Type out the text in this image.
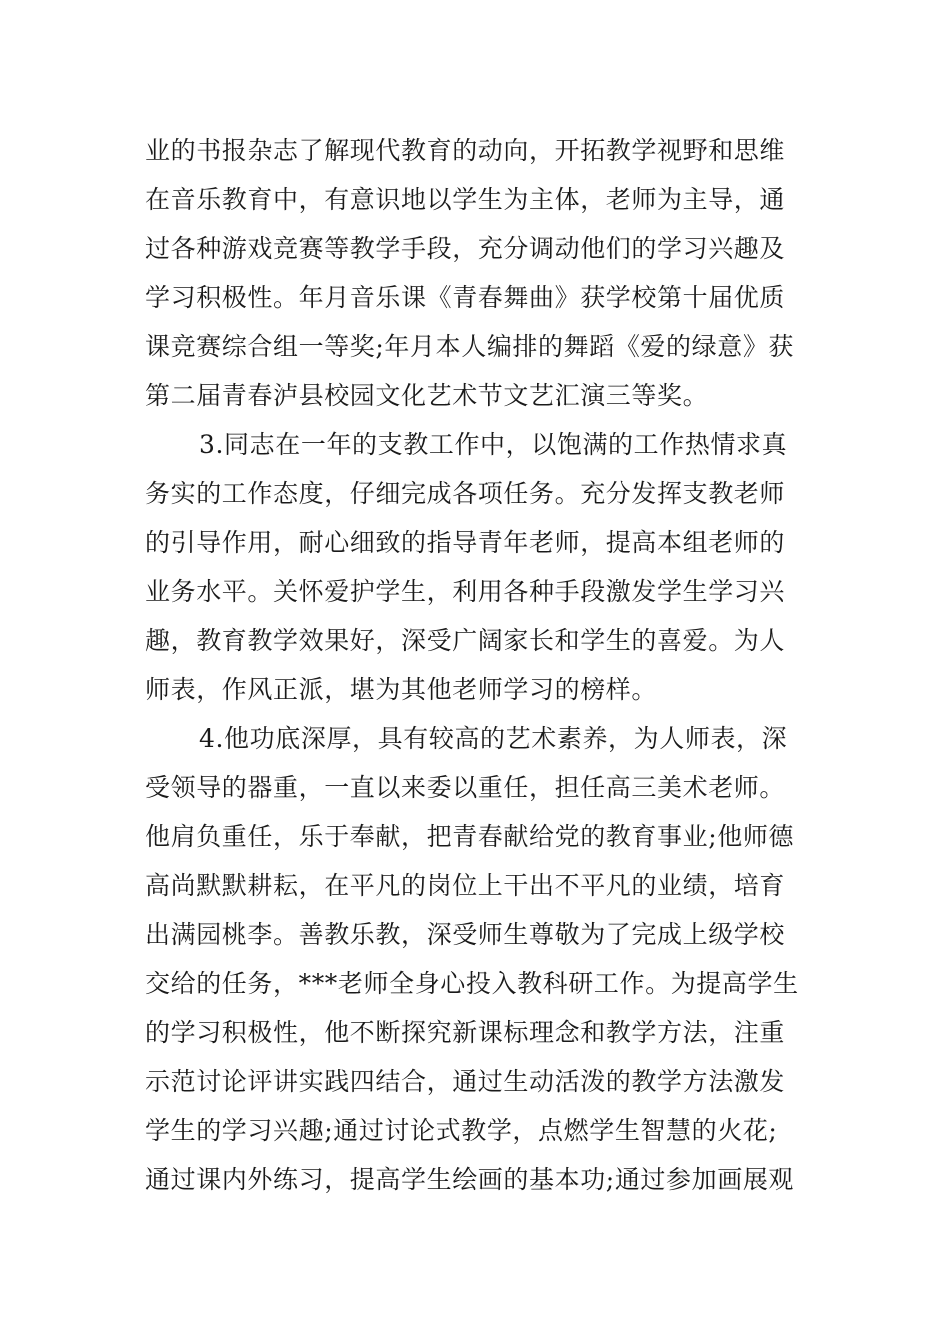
业的书报杂志了解现代教育的动向，开拓教学视野和思维
在音乐教育中，有意识地以学生为主体，老师为主导，通
过各种游戏竞赛等教学手段，充分调动他们的学习兴趣及
学习积极性。年月音乐课《青春舞曲》获学校第十届优质
课竞赛综合组一等奖;年月本人编排的舞蹈《爱的绿意》获
第二届青春泸县校园文化艺术节文艺汇演三等奖。
3.同志在一年的支教工作中，以饱满的工作热情求真
务实的工作态度，仔细完成各项任务。充分发挥支教老师
的引导作用，耐心细致的指导青年老师，提高本组老师的
业务水平。关怀爱护学生，利用各种手段激发学生学习兴
趣，教育教学效果好，深受广阔家长和学生的喜爱。为人
师表，作风正派，堪为其他老师学习的榜样。
4.他功底深厚，具有较高的艺术素养，为人师表，深
受领导的器重，一直以来委以重任，担任高三美术老师。
他肩负重任，乐于奉献，把青春献给党的教育事业;他师德
高尚默默耕耘，在平凡的岗位上干出不平凡的业绩，培育
出满园桃李。善教乐教，深受师生尊敬为了完成上级学校
交给的任务，***老师全身心投入教科研工作。为提高学生
的学习积极性，他不断探究新课标理念和教学方法，注重
示范讨论评讲实践四结合，通过生动活泼的教学方法激发
学生的学习兴趣;通过讨论式教学，点燃学生智慧的火花;
通过课内外练习，提高学生绘画的基本功;通过参加画展观
